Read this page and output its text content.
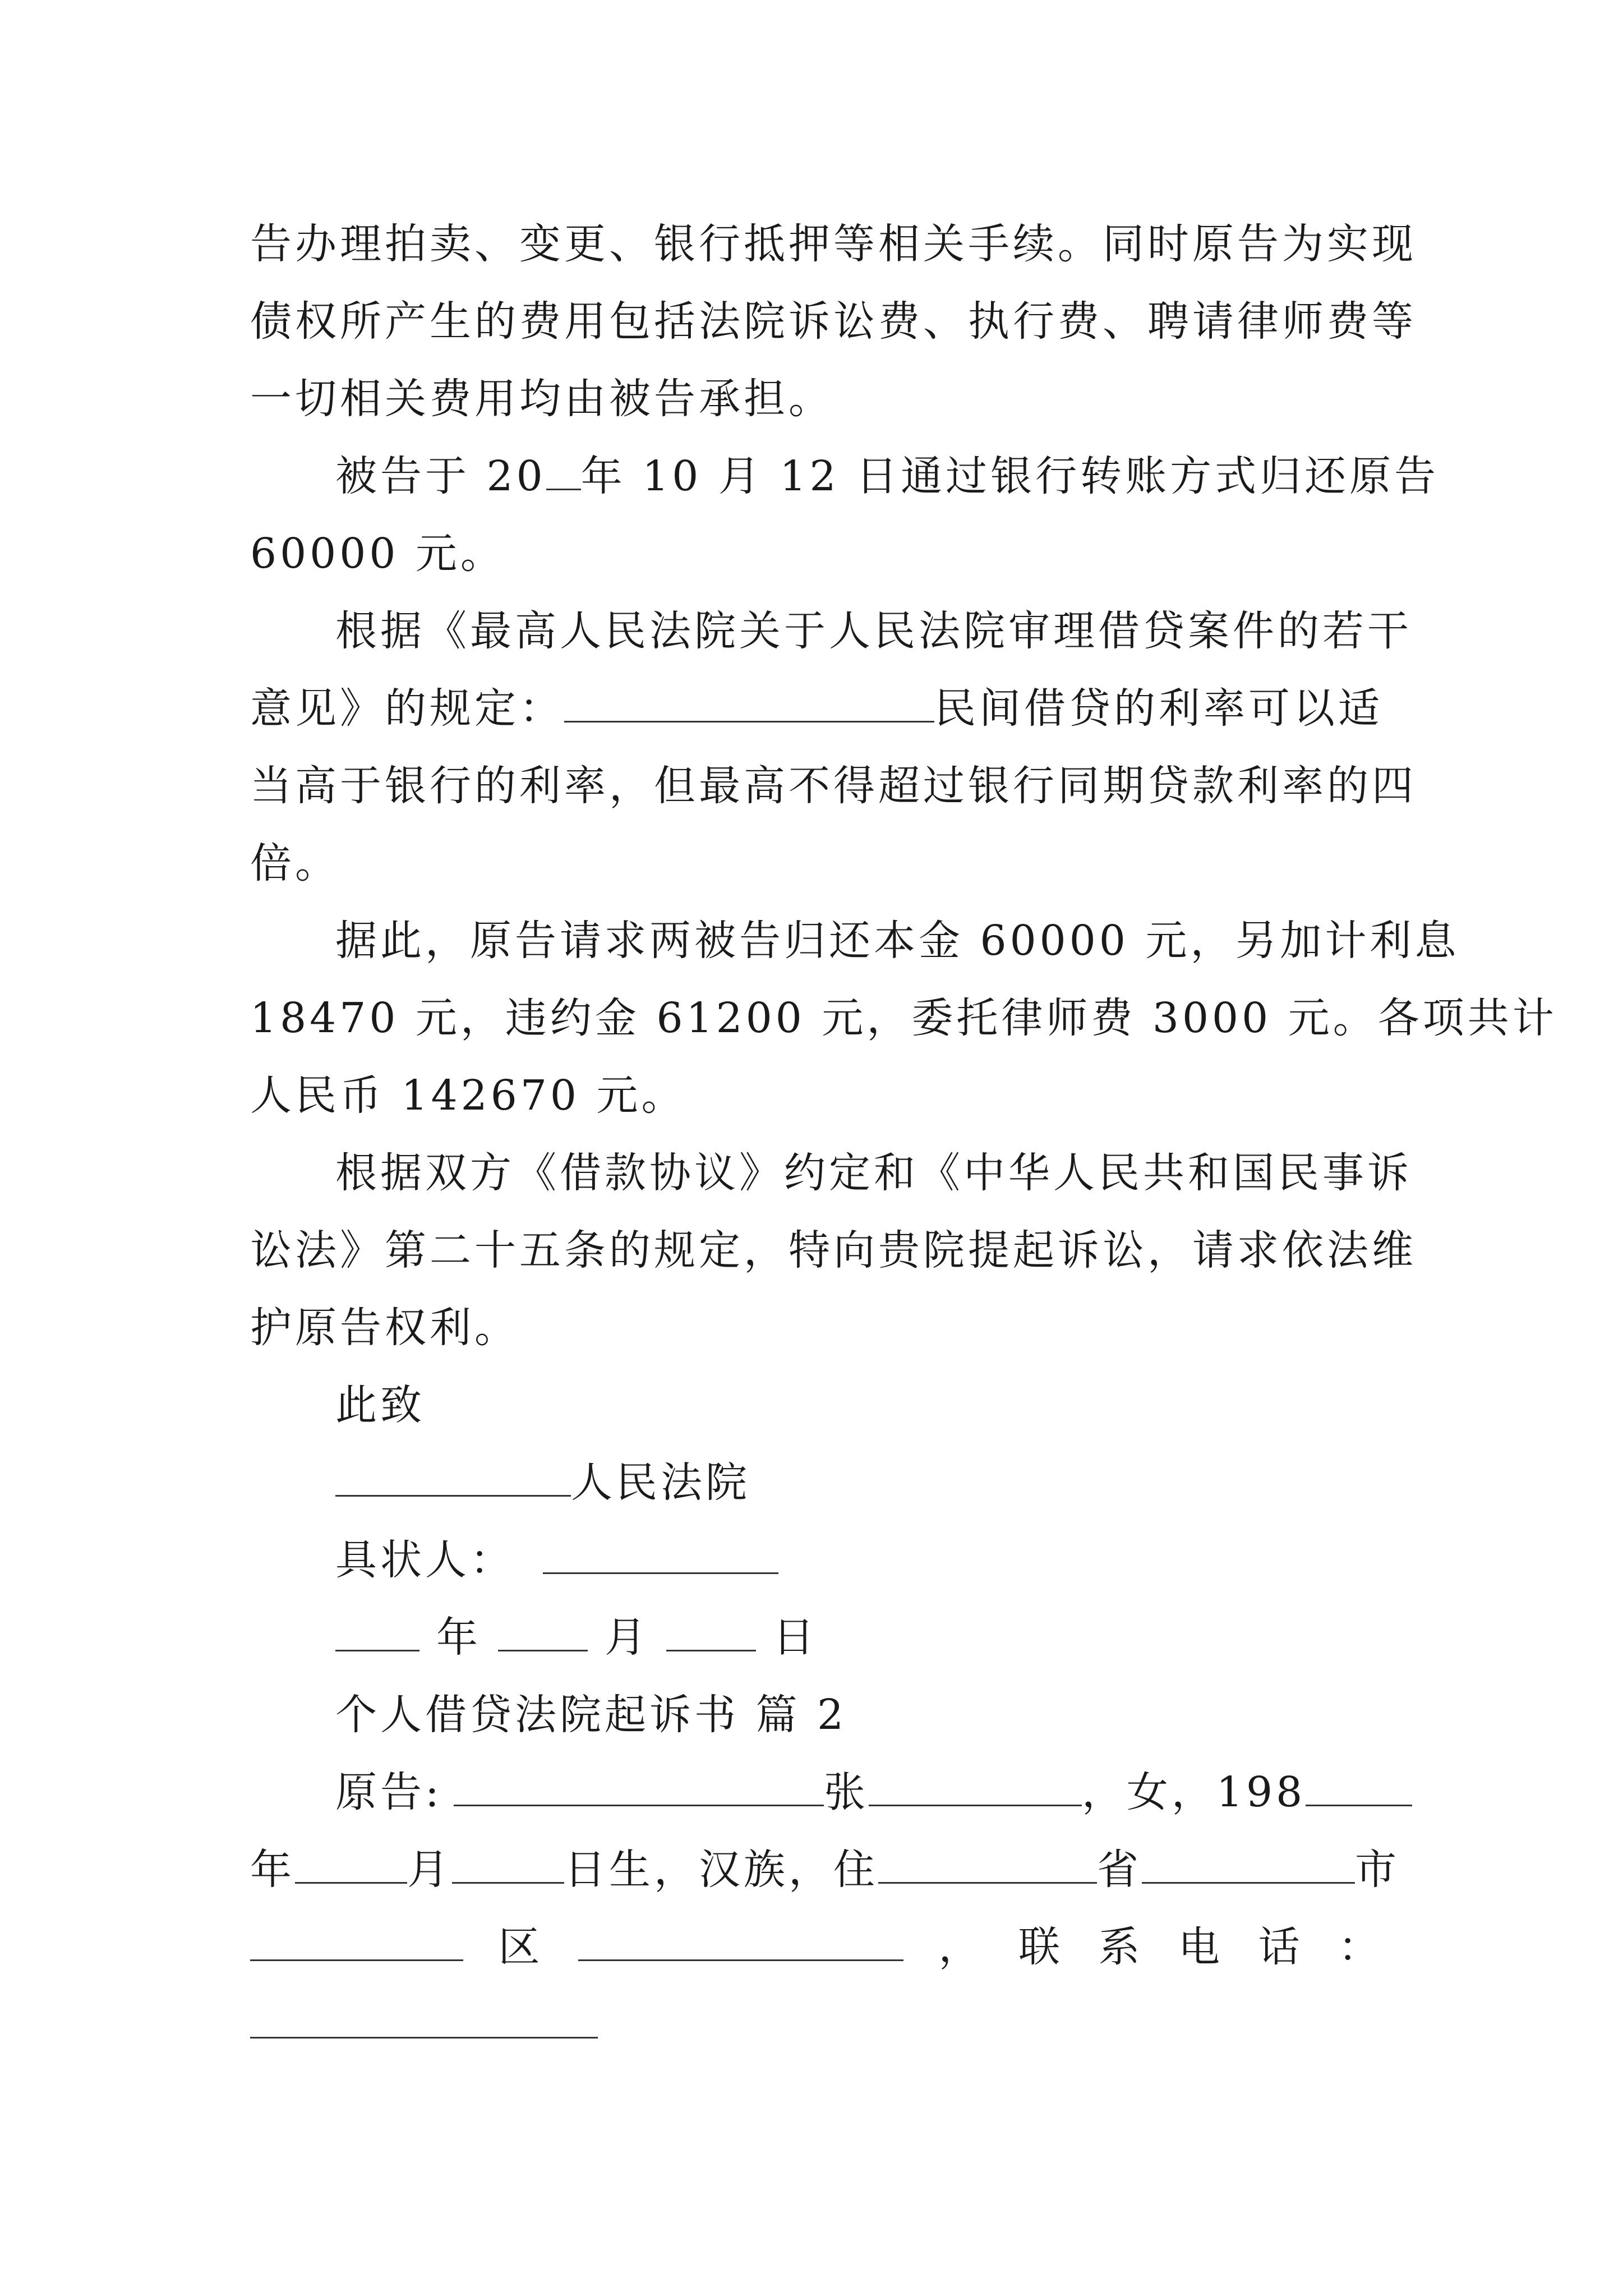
告办理拍卖、变更、银行抵押等相关手续。同时原告为实现
债权所产生的费用包括法院诉讼费、执行费、聘请律师费等
一切相关费用均由被告承担。
被告于 20 年 10 月 12 日通过银行转账方式归还原告
60000 元。
根据《最高人民法院关于人民法院审理借贷案件的若干
意见》的规定：	民间借贷的利率可以适
当高于银行的利率，但最高不得超过银行同期贷款利率的四
倍。
据此，原告请求两被告归还本金 60000 元，另加计利息
18470 元，违约金 61200 元，委托律师费 3000 元。各项共计
人民币 142670 元。
根据双方《借款协议》约定和《中华人民共和国民事诉
讼法》第二十五条的规定，特向贵院提起诉讼，请求依法维
护原告权利。
此致
人民法院
具状人：
年	月	日
个人借贷法院起诉书 篇 2
原告:	张	，女，198
年	月	日生，汉族，住	省	市
区	， 联 系 电 话 ：
